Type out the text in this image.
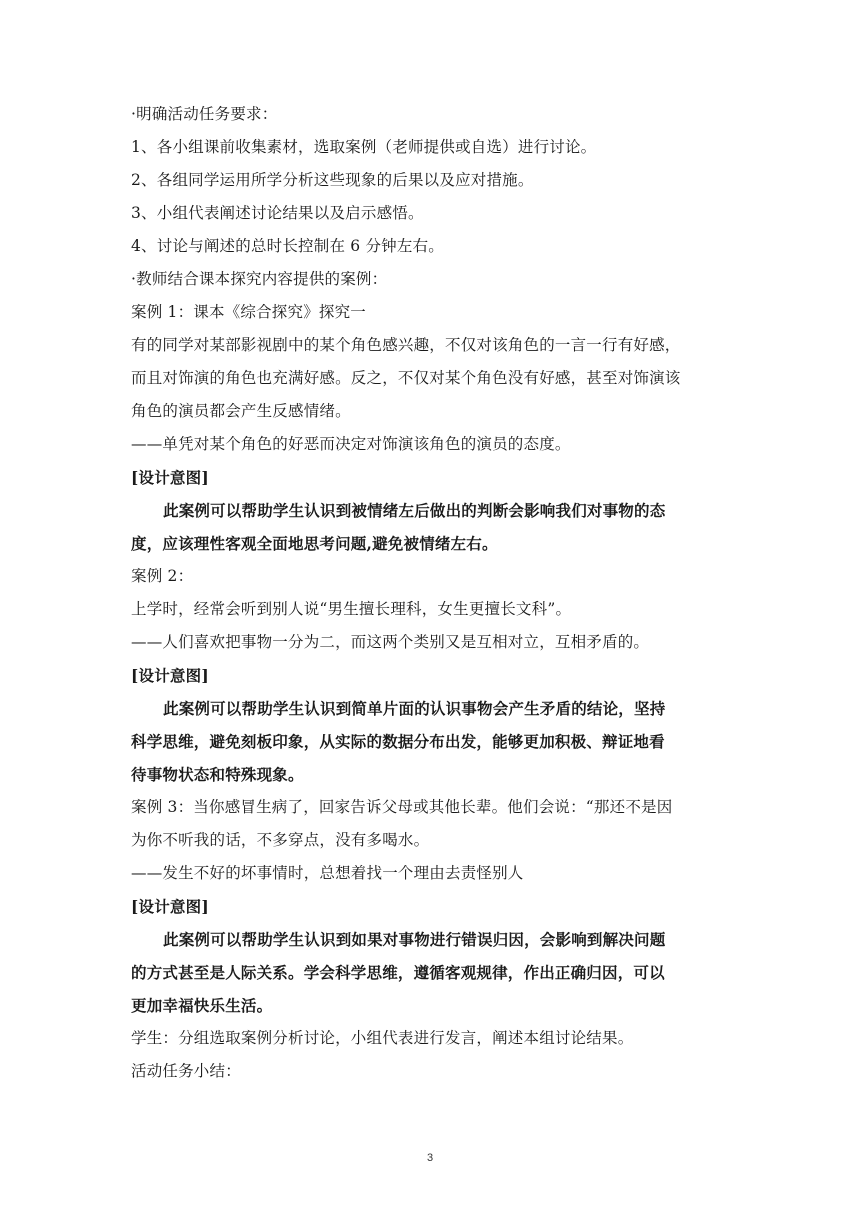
·明确活动任务要求：
1、各小组课前收集素材，选取案例（老师提供或自选）进行讨论。
2、各组同学运用所学分析这些现象的后果以及应对措施。
3、小组代表阐述讨论结果以及启示感悟。
4、讨论与阐述的总时长控制在 6 分钟左右。
·教师结合课本探究内容提供的案例：
案例 1：课本《综合探究》探究一
有的同学对某部影视剧中的某个角色感兴趣，不仅对该角色的一言一行有好感，
而且对饰演的角色也充满好感。反之，不仅对某个角色没有好感，甚至对饰演该
角色的演员都会产生反感情绪。
——单凭对某个角色的好恶而决定对饰演该角色的演员的态度。
[设计意图]
此案例可以帮助学生认识到被情绪左后做出的判断会影响我们对事物的态
度，应该理性客观全面地思考问题,避免被情绪左右。
案例 2：
上学时，经常会听到别人说“男生擅长理科，女生更擅长文科”。
——人们喜欢把事物一分为二，而这两个类别又是互相对立，互相矛盾的。
[设计意图]
此案例可以帮助学生认识到简单片面的认识事物会产生矛盾的结论，坚持
科学思维，避免刻板印象，从实际的数据分布出发，能够更加积极、辩证地看
待事物状态和特殊现象。
案例 3：当你感冒生病了，回家告诉父母或其他长辈。他们会说：“那还不是因
为你不听我的话，不多穿点，没有多喝水。
——发生不好的坏事情时，总想着找一个理由去责怪别人
[设计意图]
此案例可以帮助学生认识到如果对事物进行错误归因，会影响到解决问题
的方式甚至是人际关系。学会科学思维，遵循客观规律，作出正确归因，可以
更加幸福快乐生活。
学生：分组选取案例分析讨论，小组代表进行发言，阐述本组讨论结果。
活动任务小结：
3
